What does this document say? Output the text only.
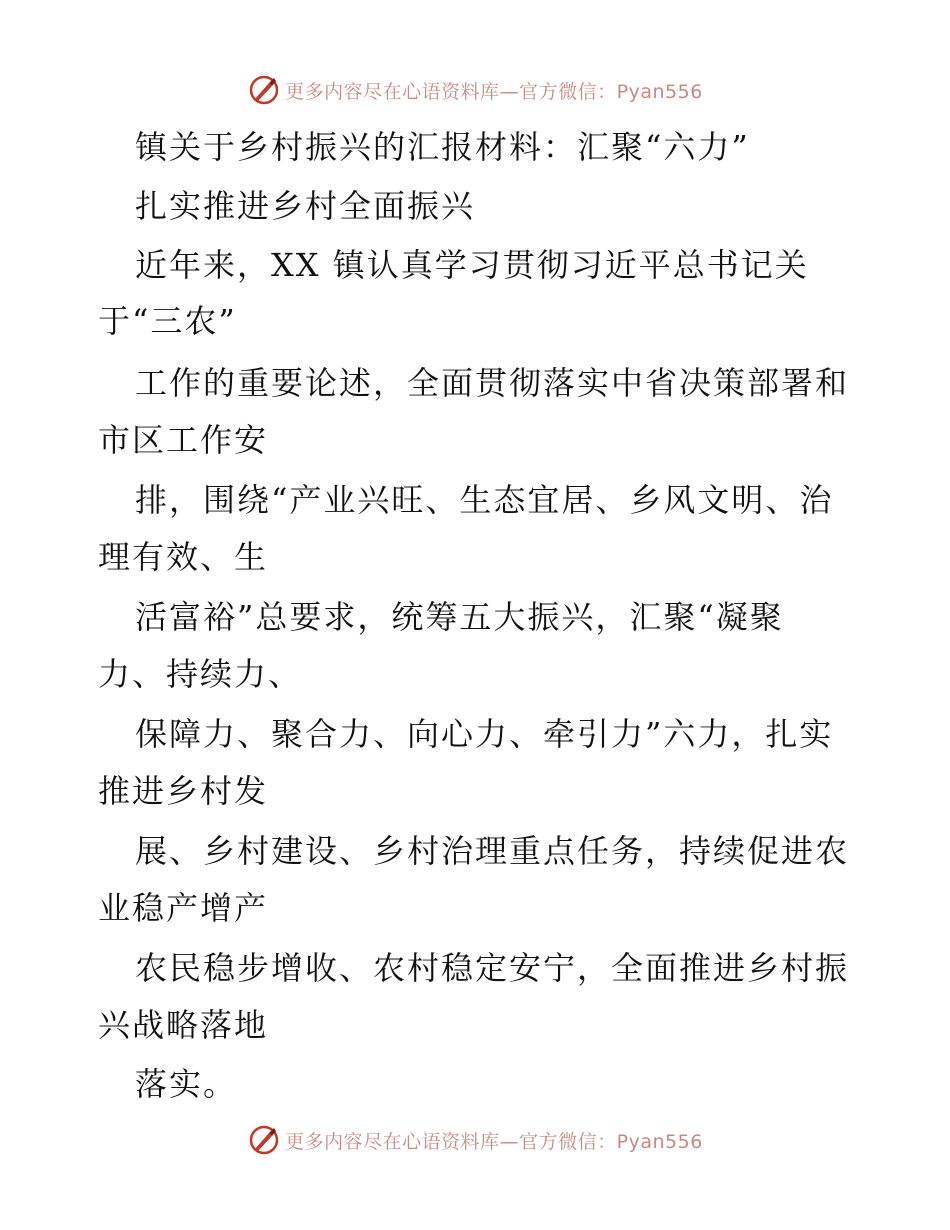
更多内容尽在心语资料库—官方微信：Pyan556
镇关于乡村振兴的汇报材料：汇聚“六力”
扎实推进乡村全面振兴
近年来，XX 镇认真学习贯彻习近平总书记关
于“三农”
工作的重要论述，全面贯彻落实中省决策部署和
市区工作安
排，围绕“产业兴旺、生态宜居、乡风文明、治
理有效、生
活富裕”总要求，统筹五大振兴，汇聚“凝聚
力、持续力、
保障力、聚合力、向心力、牵引力”六力，扎实
推进乡村发
展、乡村建设、乡村治理重点任务，持续促进农
业稳产增产
农民稳步增收、农村稳定安宁，全面推进乡村振
兴战略落地
落实。
更多内容尽在心语资料库—官方微信：Pyan556
